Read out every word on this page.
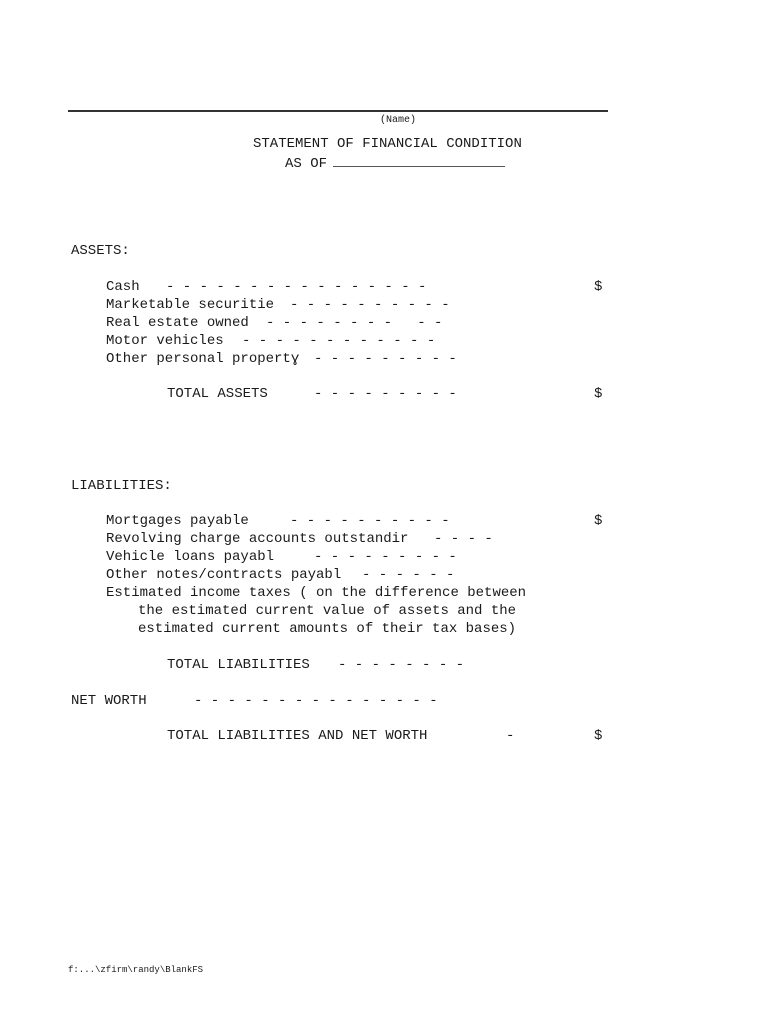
(Name)
STATEMENT OF FINANCIAL CONDITION
AS OF
ASSETS:
Cash - - - - - - - - - - - - - - - -	$
Marketable securitie - - - - - - - - - -
Real estate owned - - - - - - - -   - -
Motor vehicles - - - - - - - - - - - -
Other personal propertɣ - - - - - - - - -
TOTAL ASSETS	- - - - - - - - -	$
LIABILITIES:
Mortgages payable	- - - - - - - - - -	$
Revolving charge accounts outstandir - - - -
Vehicle loans payabl	- - - - - - - - -
Other notes/contracts payabl - - - - - -
Estimated income taxes ( on the difference between
the estimated current value of assets and the
estimated current amounts of their tax bases)
TOTAL LIABILITIES - - - - - - - -
NET WORTH	- - - - - - - - - - - - - - -
TOTAL LIABILITIES AND NET WORTH	-	$
f:...\zfirm\randy\BlankFS
